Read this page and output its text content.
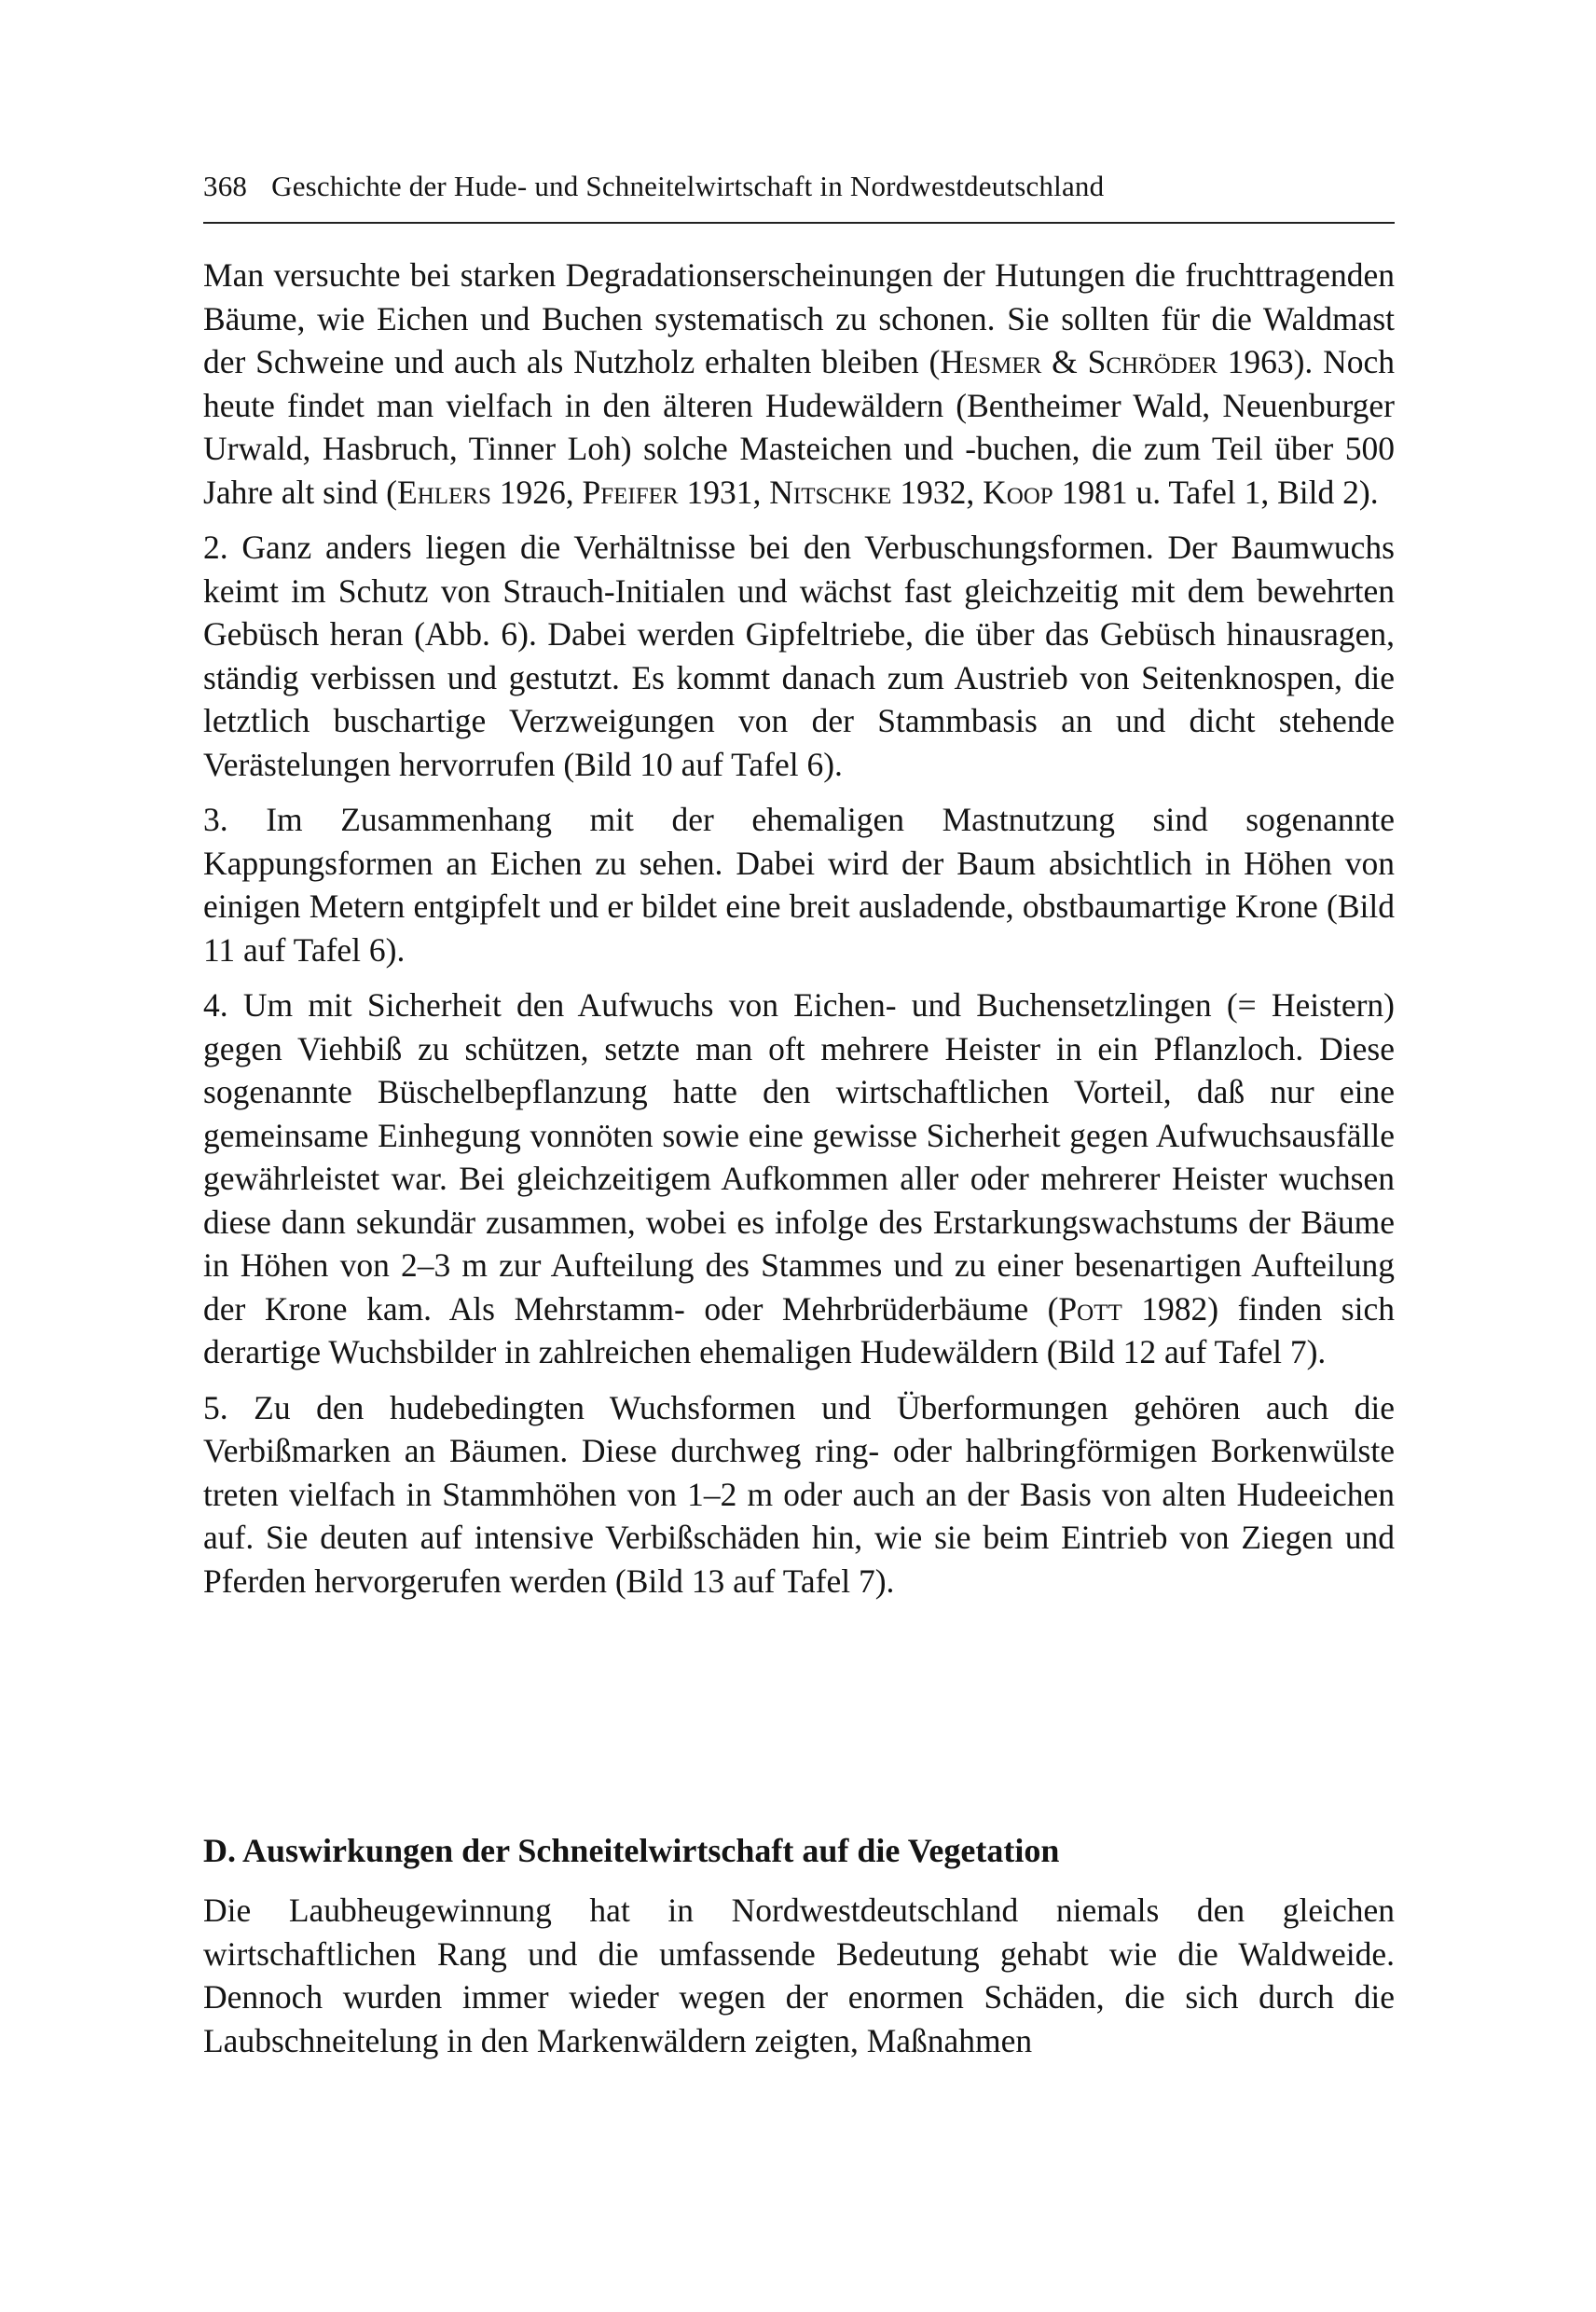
368 Geschichte der Hude- und Schneitelwirtschaft in Nordwestdeutschland

Man versuchte bei starken Degradationserscheinungen der Hutungen die fruchttragenden Bäume, wie Eichen und Buchen systematisch zu schonen. Sie sollten für die Waldmast der Schweine und auch als Nutzholz erhalten bleiben (Hesmer & Schröder 1963). Noch heute findet man vielfach in den älteren Hudewäldern (Bentheimer Wald, Neuenburger Urwald, Hasbruch, Tinner Loh) solche Masteichen und -buchen, die zum Teil über 500 Jahre alt sind (Ehlers 1926, Pfeifer 1931, Nitschke 1932, Koop 1981 u. Tafel 1, Bild 2).

2. Ganz anders liegen die Verhältnisse bei den Verbuschungsformen. Der Baumwuchs keimt im Schutz von Strauch-Initialen und wächst fast gleichzeitig mit dem bewehrten Gebüsch heran (Abb. 6). Dabei werden Gipfeltriebe, die über das Gebüsch hinausragen, ständig verbissen und gestutzt. Es kommt danach zum Austrieb von Seitenknospen, die letztlich buschartige Verzweigungen von der Stammbasis an und dicht stehende Verästelungen hervorrufen (Bild 10 auf Tafel 6).

3. Im Zusammenhang mit der ehemaligen Mastnutzung sind sogenannte Kappungsformen an Eichen zu sehen. Dabei wird der Baum absichtlich in Höhen von einigen Metern entgipfelt und er bildet eine breit ausladende, obstbaumartige Krone (Bild 11 auf Tafel 6).

4. Um mit Sicherheit den Aufwuchs von Eichen- und Buchensetzlingen (= Heistern) gegen Viehbiß zu schützen, setzte man oft mehrere Heister in ein Pflanzloch. Diese sogenannte Büschelbepflanzung hatte den wirtschaftlichen Vorteil, daß nur eine gemeinsame Einhegung vonnöten sowie eine gewisse Sicherheit gegen Aufwuchsausfälle gewährleistet war. Bei gleichzeitigem Aufkommen aller oder mehrerer Heister wuchsen diese dann sekundär zusammen, wobei es infolge des Erstarkungswachstums der Bäume in Höhen von 2–3 m zur Aufteilung des Stammes und zu einer besenartigen Aufteilung der Krone kam. Als Mehrstamm- oder Mehrbrüderbäume (Pott 1982) finden sich derartige Wuchsbilder in zahlreichen ehemaligen Hudewäldern (Bild 12 auf Tafel 7).

5. Zu den hudebedingten Wuchsformen und Überformungen gehören auch die Verbißmarken an Bäumen. Diese durchweg ring- oder halbringförmigen Borkenwülste treten vielfach in Stammhöhen von 1–2 m oder auch an der Basis von alten Hudeeichen auf. Sie deuten auf intensive Verbißschäden hin, wie sie beim Eintrieb von Ziegen und Pferden hervorgerufen werden (Bild 13 auf Tafel 7).

D. Auswirkungen der Schneitelwirtschaft auf die Vegetation

Die Laubheugewinnung hat in Nordwestdeutschland niemals den gleichen wirtschaftlichen Rang und die umfassende Bedeutung gehabt wie die Waldweide. Dennoch wurden immer wieder wegen der enormen Schäden, die sich durch die Laubschneitelung in den Markenwäldern zeigten, Maßnahmen
